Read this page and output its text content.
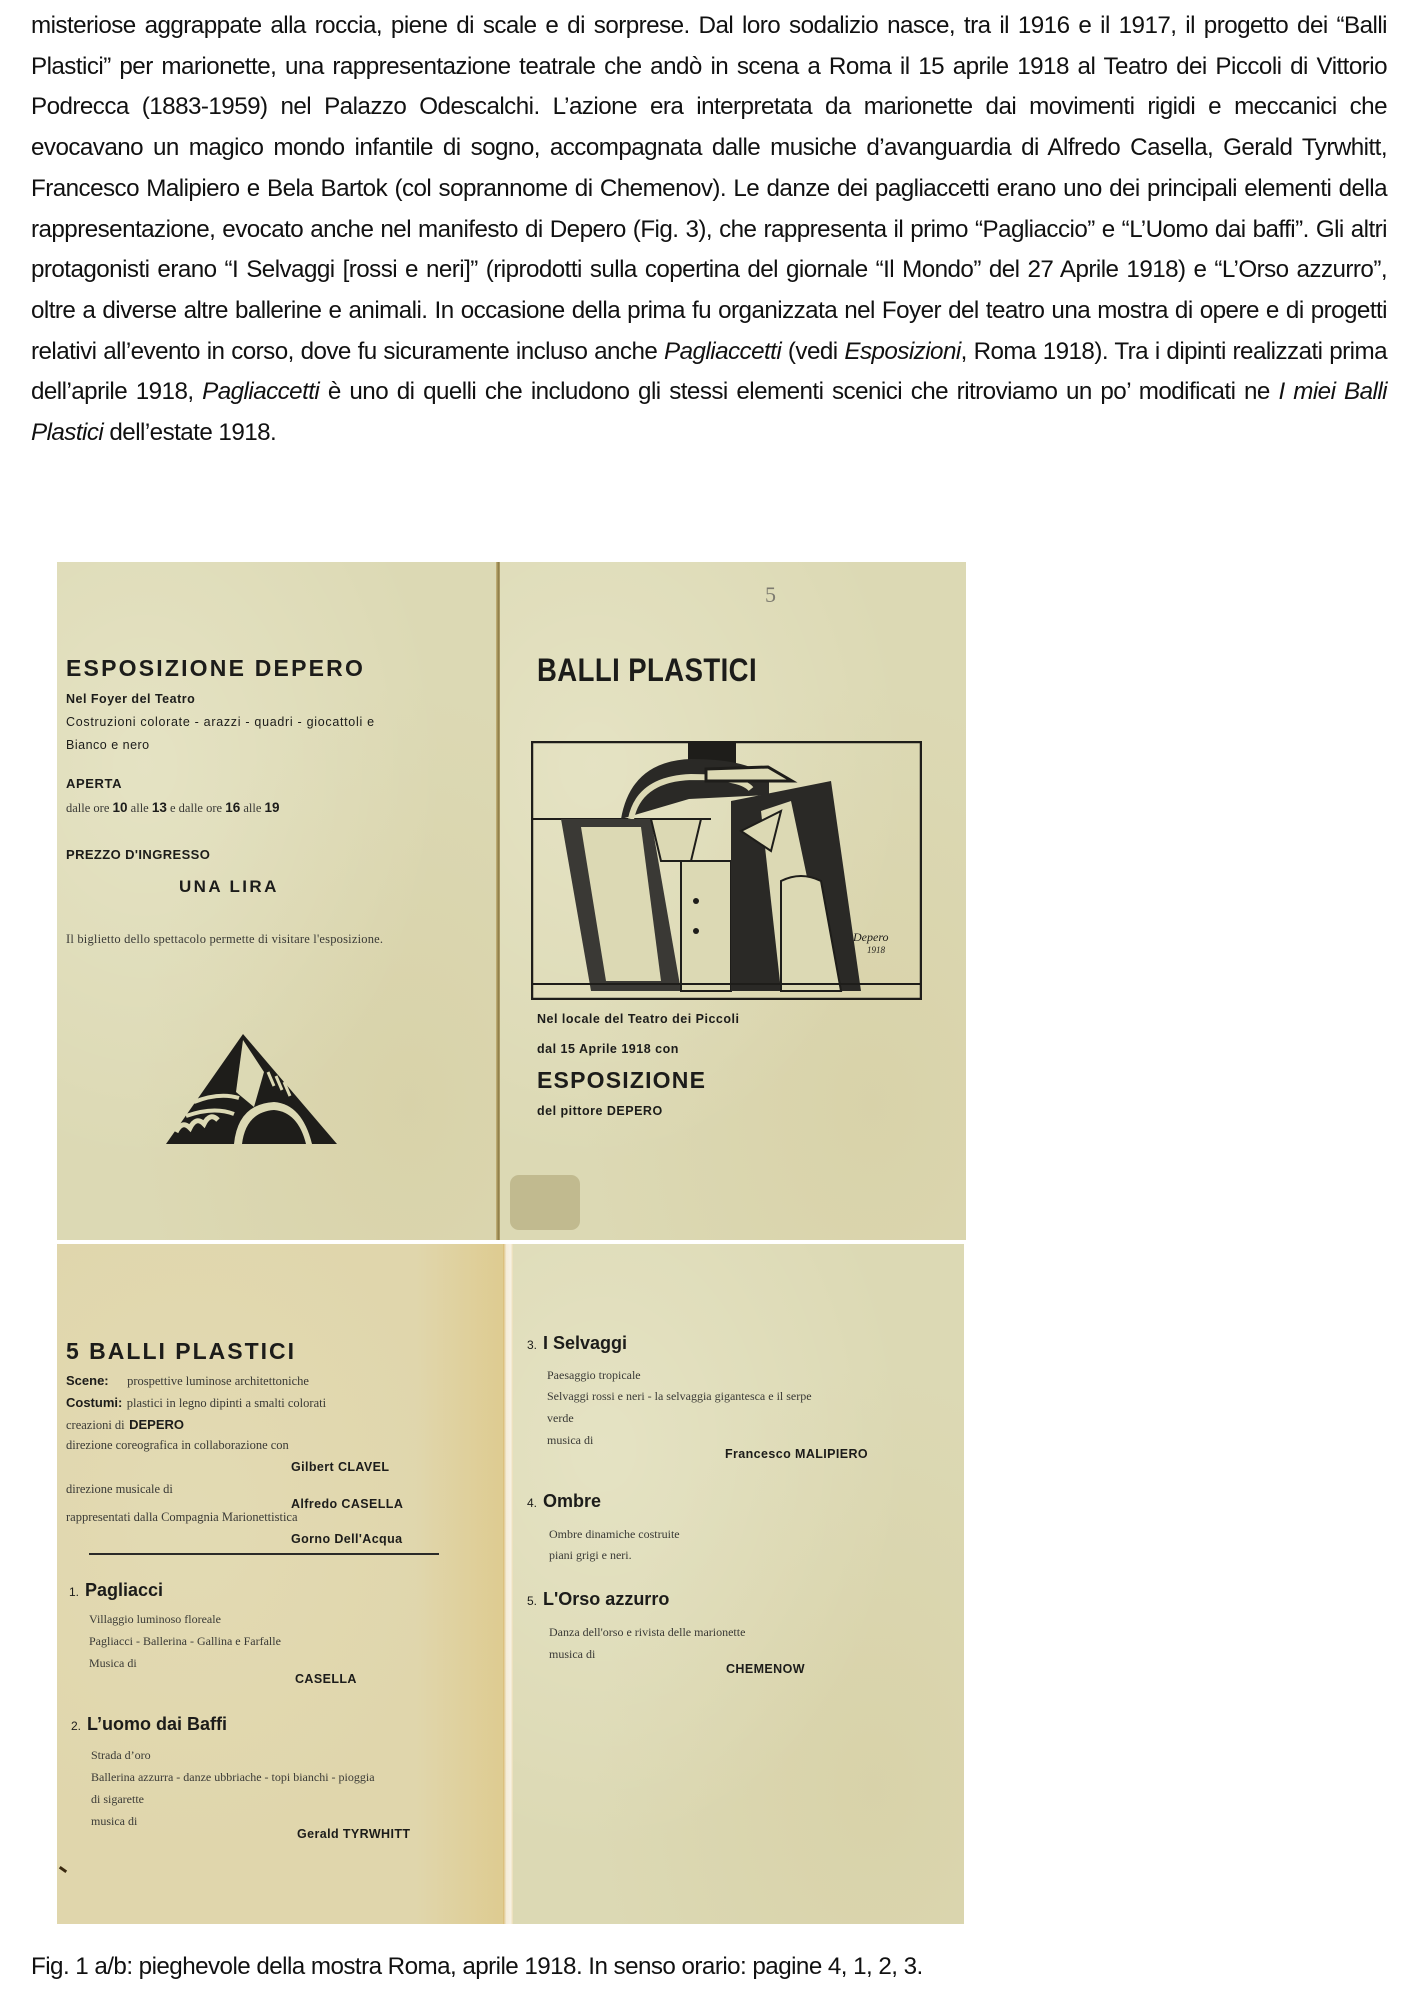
misteriose aggrappate alla roccia, piene di scale e di sorprese. Dal loro sodalizio nasce, tra il 1916 e il 1917, il progetto dei “Balli Plastici” per marionette, una rappresentazione teatrale che andò in scena a Roma il 15 aprile 1918 al Teatro dei Piccoli di Vittorio Podrecca (1883-1959) nel Palazzo Odescalchi. L’azione era interpretata da marionette dai movimenti rigidi e meccanici che evocavano un magico mondo infantile di sogno, accompagnata dalle musiche d’avanguardia di Alfredo Casella, Gerald Tyrwhitt, Francesco Malipiero e Bela Bartok (col soprannome di Chemenov). Le danze dei pagliaccetti erano uno dei principali elementi della rappresentazione, evocato anche nel manifesto di Depero (Fig. 3), che rappresenta il primo “Pagliaccio” e “L’Uomo dai baffi”. Gli altri protagonisti erano “I Selvaggi [rossi e neri]” (riprodotti sulla copertina del giornale “Il Mondo” del 27 Aprile 1918) e “L’Orso azzurro”, oltre a diverse altre ballerine e animali. In occasione della prima fu organizzata nel Foyer del teatro una mostra di opere e di progetti relativi all’evento in corso, dove fu sicuramente incluso anche Pagliaccetti (vedi Esposizioni, Roma 1918). Tra i dipinti realizzati prima dell’aprile 1918, Pagliaccetti è uno di quelli che includono gli stessi elementi scenici che ritroviamo un po’ modificati ne I miei Balli Plastici dell’estate 1918.

ESPOSIZIONE DEPERO
Nel Foyer del Teatro
Costruzioni colorate - arazzi - quadri - giocattoli e
Bianco e nero
APERTA
dalle ore 10 alle 13 e dalle ore 16 alle 19
PREZZO D'INGRESSO
UNA LIRA
Il biglietto dello spettacolo permette di visitare l'esposizione.
5
BALLI PLASTICI
Depero
1918
Nel locale del Teatro dei Piccoli
dal 15 Aprile 1918 con
ESPOSIZIONE
del pittore DEPERO
5 BALLI PLASTICI
Scene: prospettive luminose architettoniche
Costumi: plastici in legno dipinti a smalti colorati
creazioni di DEPERO
direzione coreografica in collaborazione con
Gilbert CLAVEL
direzione musicale di
Alfredo CASELLA
rappresentati dalla Compagnia Marionettistica
Gorno Dell'Acqua
1. Pagliacci
Villaggio luminoso floreale
Pagliacci - Ballerina - Gallina e Farfalle
Musica di
CASELLA
2. L’uomo dai Baffi
Strada d’oro
Ballerina azzurra - danze ubbriache - topi bianchi - pioggia
di sigarette
musica di
Gerald TYRWHITT
3. I Selvaggi
Paesaggio tropicale
Selvaggi rossi e neri - la selvaggia gigantesca e il serpe
verde
musica di
Francesco MALIPIERO
4. Ombre
Ombre dinamiche costruite
piani grigi e neri.
5. L'Orso azzurro
Danza dell'orso e rivista delle marionette
musica di
CHEMENOW
Fig. 1 a/b: pieghevole della mostra Roma, aprile 1918. In senso orario: pagine 4, 1, 2, 3.
